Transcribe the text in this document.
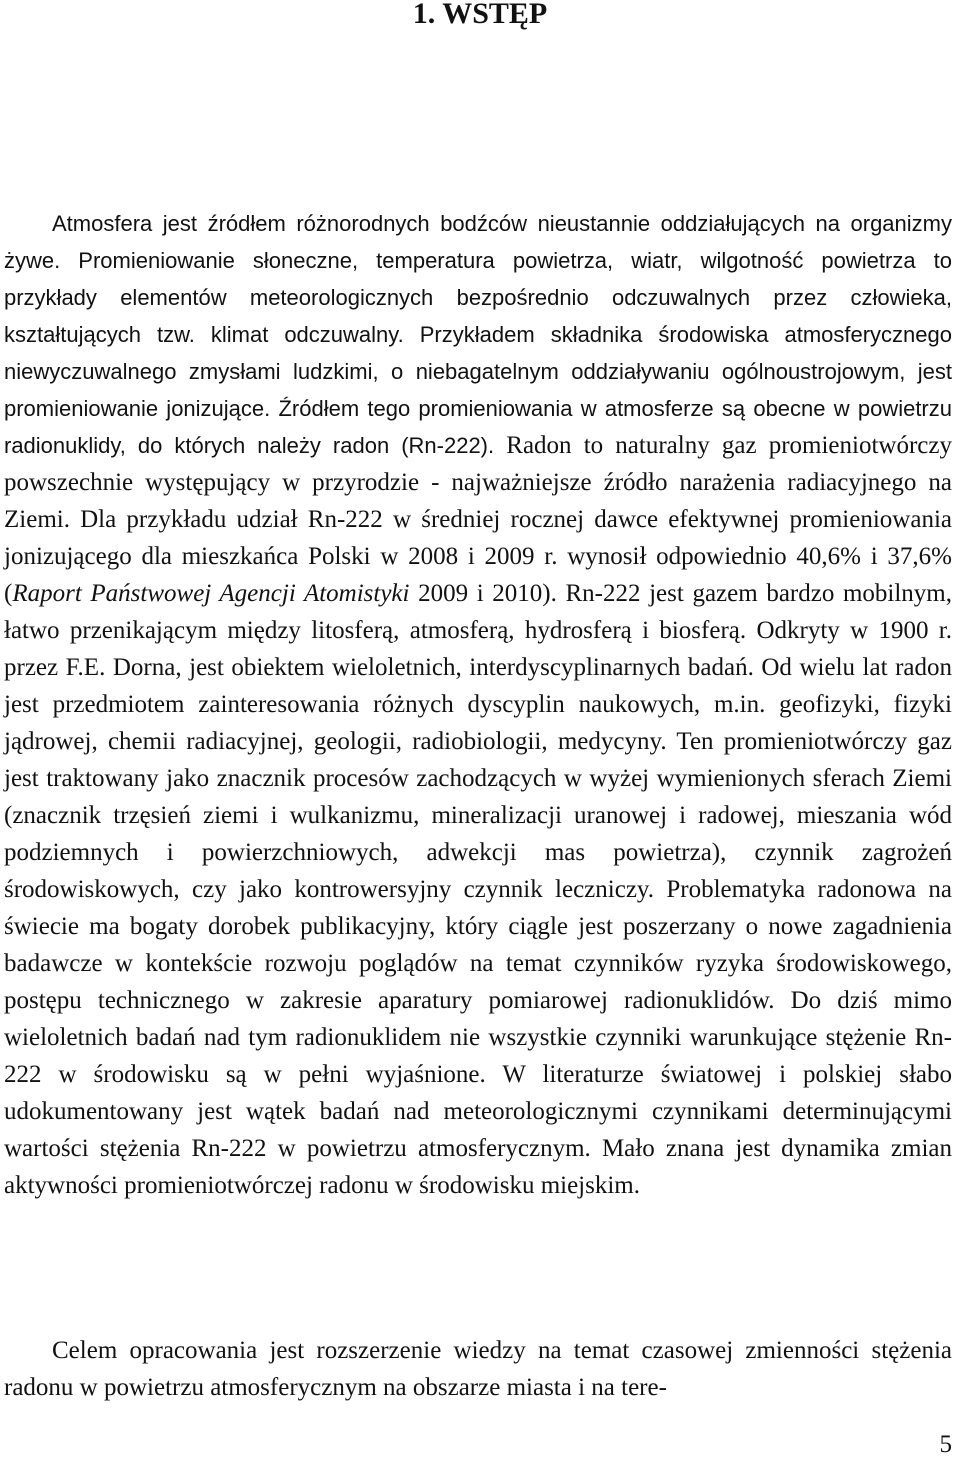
1. WSTĘP

Atmosfera jest źródłem różnorodnych bodźców nieustannie oddziałujących na organizmy żywe. Promieniowanie słoneczne, temperatura powietrza, wiatr, wilgotność powietrza to przykłady elementów meteorologicznych bezpośrednio odczuwalnych przez człowieka, kształtujących tzw. klimat odczuwalny. Przykładem składnika środowiska atmosferycznego niewyczuwalnego zmysłami ludzkimi, o niebagatelnym oddziaływaniu ogólnoustrojowym, jest promieniowanie jonizujące. Źródłem tego promieniowania w atmosferze są obecne w powietrzu radionuklidy, do których należy radon (Rn-222). Radon to naturalny gaz promieniotwórczy powszechnie występujący w przyrodzie - najważniejsze źródło narażenia radiacyjnego na Ziemi. Dla przykładu udział Rn-222 w średniej rocznej dawce efektywnej promieniowania jonizującego dla mieszkańca Polski w 2008 i 2009 r. wynosił odpowiednio 40,6% i 37,6% (Raport Państwowej Agencji Atomistyki 2009 i 2010). Rn-222 jest gazem bardzo mobilnym, łatwo przenikającym między litosferą, atmosferą, hydrosferą i biosferą. Odkryty w 1900 r. przez F.E. Dorna, jest obiektem wieloletnich, interdyscyplinarnych badań. Od wielu lat radon jest przedmiotem zainteresowania różnych dyscyplin naukowych, m.in. geofizyki, fizyki jądrowej, chemii radiacyjnej, geologii, radiobiologii, medycyny. Ten promieniotwórczy gaz jest traktowany jako znacznik procesów zachodzących w wyżej wymienionych sferach Ziemi (znacznik trzęsień ziemi i wulkanizmu, mineralizacji uranowej i radowej, mieszania wód podziemnych i powierzchniowych, adwekcji mas powietrza), czynnik zagrożeń środowiskowych, czy jako kontrowersyjny czynnik leczniczy. Problematyka radonowa na świecie ma bogaty dorobek publikacyjny, który ciągle jest poszerzany o nowe zagadnienia badawcze w kontekście rozwoju poglądów na temat czynników ryzyka środowiskowego, postępu technicznego w zakresie aparatury pomiarowej radionuklidów. Do dziś mimo wieloletnich badań nad tym radionuklidem nie wszystkie czynniki warunkujące stężenie Rn-222 w środowisku są w pełni wyjaśnione. W literaturze światowej i polskiej słabo udokumentowany jest wątek badań nad meteorologicznymi czynnikami determinującymi wartości stężenia Rn-222 w powietrzu atmosferycznym. Mało znana jest dynamika zmian aktywności promieniotwórczej radonu w środowisku miejskim.

Celem opracowania jest rozszerzenie wiedzy na temat czasowej zmienności stężenia radonu w powietrzu atmosferycznym na obszarze miasta i na tere-

5
